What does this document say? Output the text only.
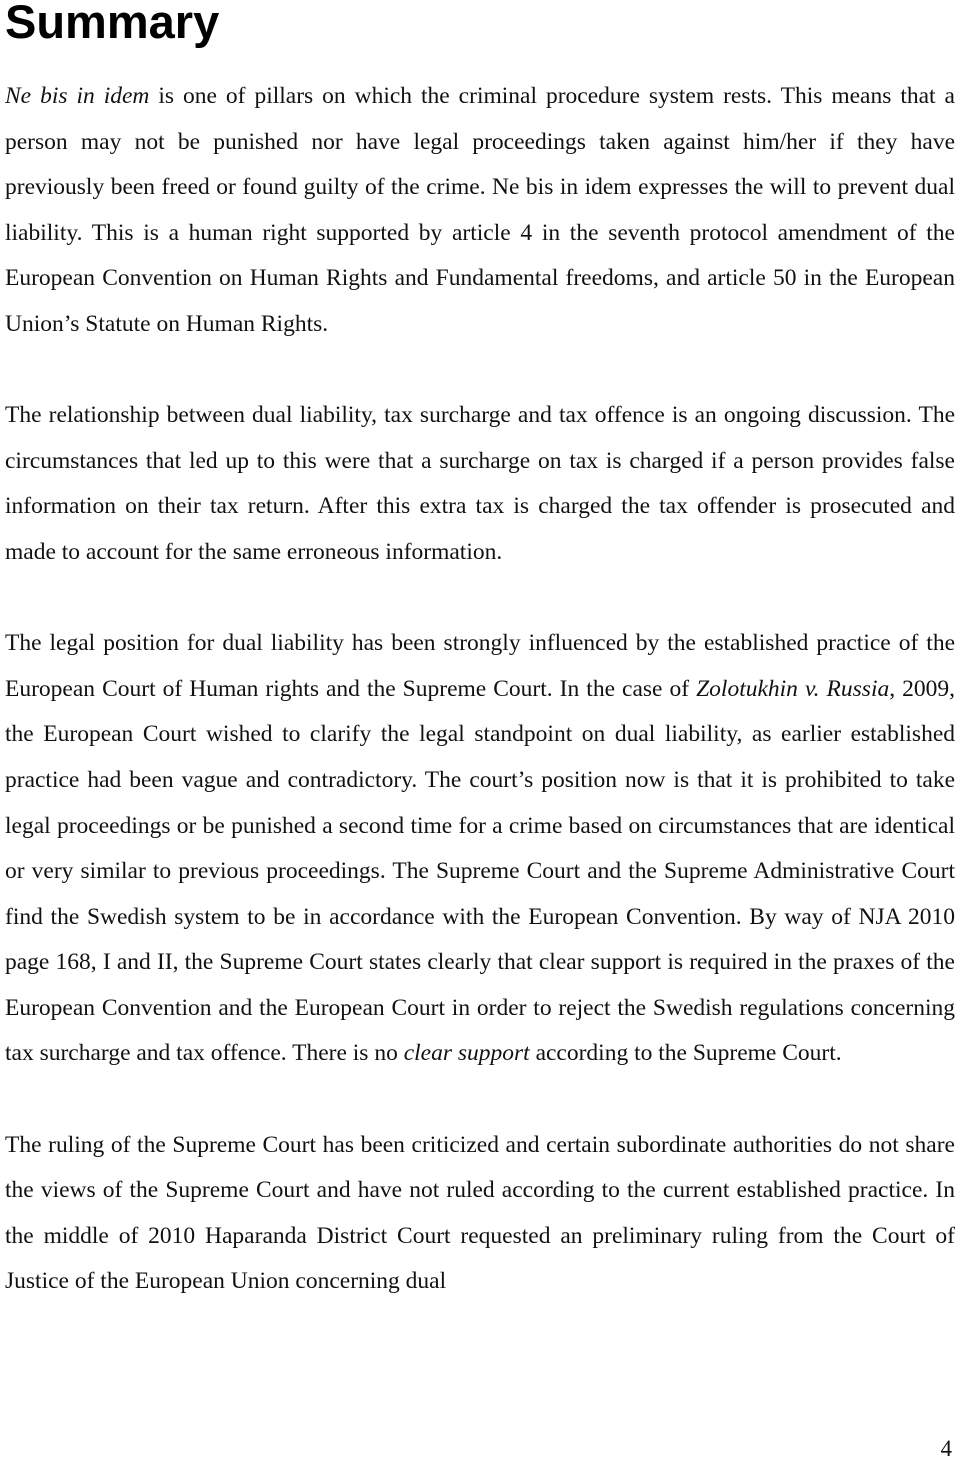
Summary

Ne bis in idem is one of pillars on which the criminal procedure system rests. This means that a person may not be punished nor have legal proceedings taken against him/her if they have previously been freed or found guilty of the crime. Ne bis in idem expresses the will to prevent dual liability. This is a human right supported by article 4 in the seventh protocol amendment of the European Convention on Human Rights and Fundamental freedoms, and article 50 in the European Union’s Statute on Human Rights.

The relationship between dual liability, tax surcharge and tax offence is an ongoing discussion. The circumstances that led up to this were that a surcharge on tax is charged if a person provides false information on their tax return. After this extra tax is charged the tax offender is prosecuted and made to account for the same erroneous information.

The legal position for dual liability has been strongly influenced by the established practice of the European Court of Human rights and the Supreme Court. In the case of Zolotukhin v. Russia, 2009, the European Court wished to clarify the legal standpoint on dual liability, as earlier established practice had been vague and contradictory. The court’s position now is that it is prohibited to take legal proceedings or be punished a second time for a crime based on circumstances that are identical or very similar to previous proceedings. The Supreme Court and the Supreme Administrative Court find the Swedish system to be in accordance with the European Convention. By way of NJA 2010 page 168, I and II, the Supreme Court states clearly that clear support is required in the praxes of the European Convention and the European Court in order to reject the Swedish regulations concerning tax surcharge and tax offence. There is no clear support according to the Supreme Court.

The ruling of the Supreme Court has been criticized and certain subordinate authorities do not share the views of the Supreme Court and have not ruled according to the current established practice. In the middle of 2010 Haparanda District Court requested an preliminary ruling from the Court of Justice of the European Union concerning dual

4
